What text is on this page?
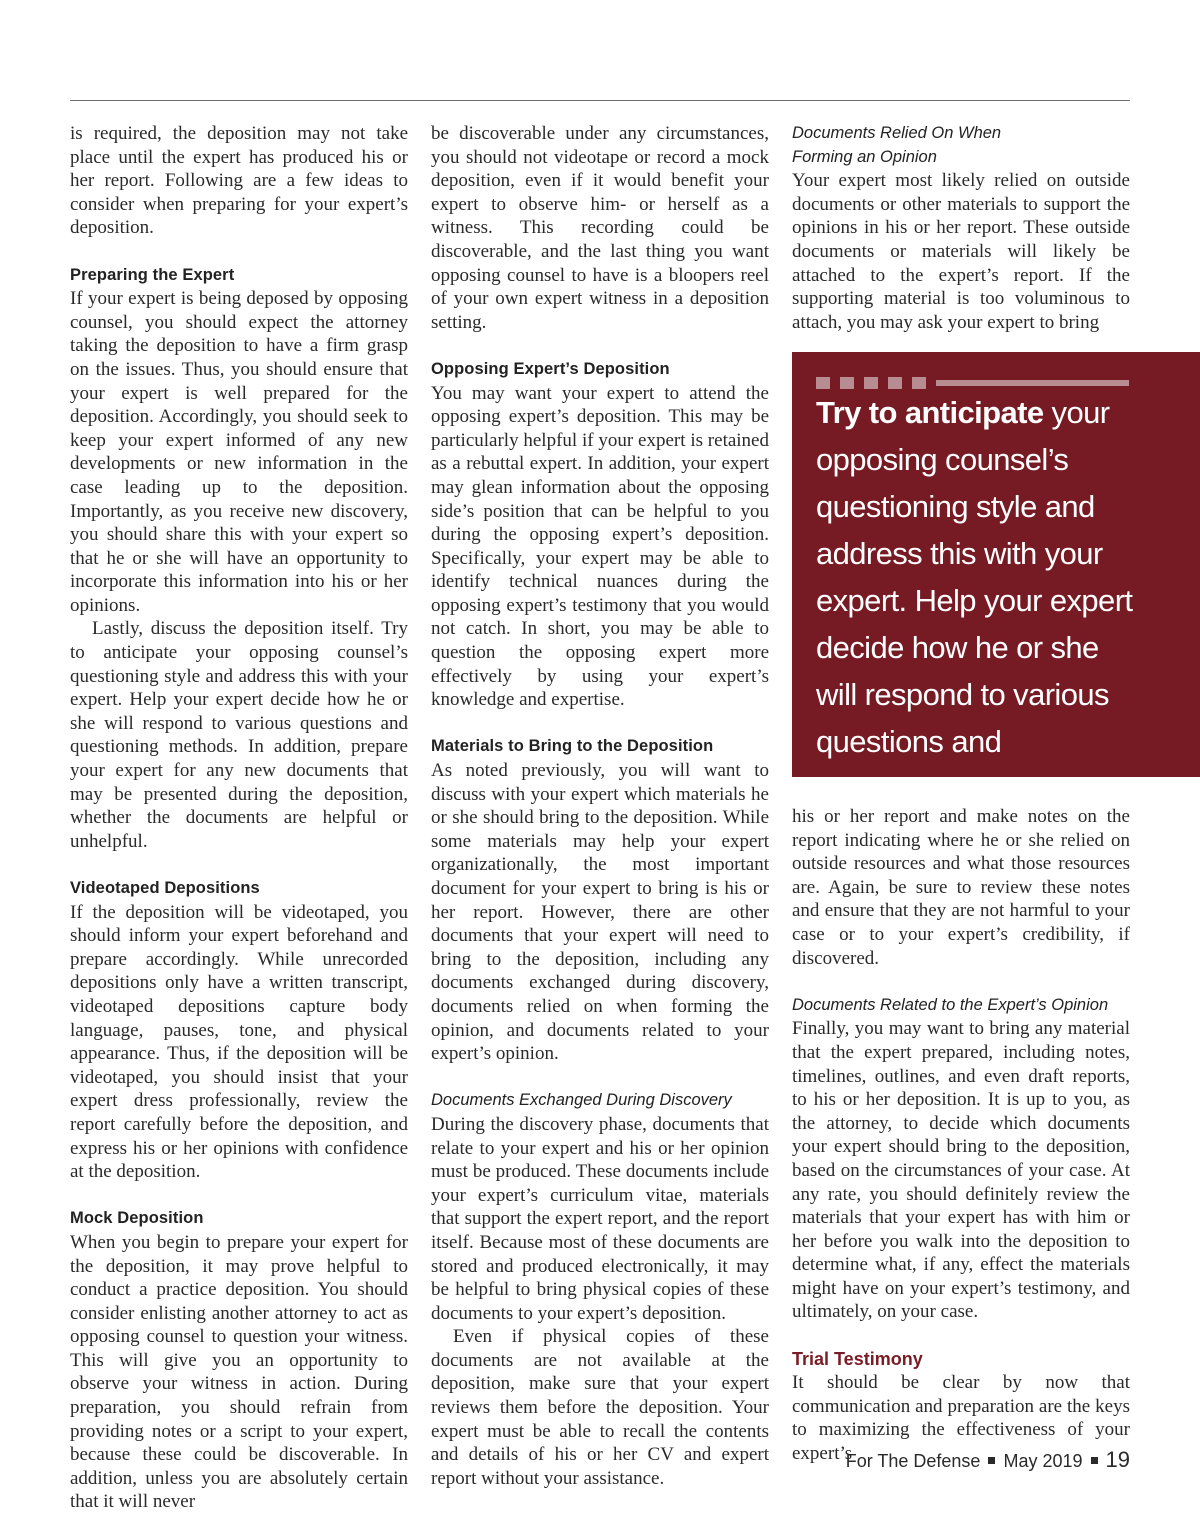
is required, the deposition may not take place until the expert has produced his or her report. Following are a few ideas to consider when preparing for your expert’s deposition.

Preparing the Expert

If your expert is being deposed by opposing counsel, you should expect the attorney taking the deposition to have a firm grasp on the issues. Thus, you should ensure that your expert is well prepared for the deposition. Accordingly, you should seek to keep your expert informed of any new developments or new information in the case leading up to the deposition. Importantly, as you receive new discovery, you should share this with your expert so that he or she will have an opportunity to incorporate this information into his or her opinions.

Lastly, discuss the deposition itself. Try to anticipate your opposing counsel’s questioning style and address this with your expert. Help your expert decide how he or she will respond to various questions and questioning methods. In addition, prepare your expert for any new documents that may be presented during the deposition, whether the documents are helpful or unhelpful.

Videotaped Depositions

If the deposition will be videotaped, you should inform your expert beforehand and prepare accordingly. While unrecorded depositions only have a written transcript, videotaped depositions capture body language, pauses, tone, and physical appearance. Thus, if the deposition will be videotaped, you should insist that your expert dress professionally, review the report carefully before the deposition, and express his or her opinions with confidence at the deposition.

Mock Deposition

When you begin to prepare your expert for the deposition, it may prove helpful to conduct a practice deposition. You should consider enlisting another attorney to act as opposing counsel to question your witness. This will give you an opportunity to observe your witness in action. During preparation, you should refrain from providing notes or a script to your expert, because these could be discoverable. In addition, unless you are absolutely certain that it will never

be discoverable under any circumstances, you should not videotape or record a mock deposition, even if it would benefit your expert to observe him- or herself as a witness. This recording could be discoverable, and the last thing you want opposing counsel to have is a bloopers reel of your own expert witness in a deposition setting.

Opposing Expert’s Deposition

You may want your expert to attend the opposing expert’s deposition. This may be particularly helpful if your expert is retained as a rebuttal expert. In addition, your expert may glean information about the opposing side’s position that can be helpful to you during the opposing expert’s deposition. Specifically, your expert may be able to identify technical nuances during the opposing expert’s testimony that you would not catch. In short, you may be able to question the opposing expert more effectively by using your expert’s knowledge and expertise.

Materials to Bring to the Deposition

As noted previously, you will want to discuss with your expert which materials he or she should bring to the deposition. While some materials may help your expert organizationally, the most important document for your expert to bring is his or her report. However, there are other documents that your expert will need to bring to the deposition, including any documents exchanged during discovery, documents relied on when forming the opinion, and documents related to your expert’s opinion.

Documents Exchanged During Discovery

During the discovery phase, documents that relate to your expert and his or her opinion must be produced. These documents include your expert’s curriculum vitae, materials that support the expert report, and the report itself. Because most of these documents are stored and produced electronically, it may be helpful to bring physical copies of these documents to your expert’s deposition.

Even if physical copies of these documents are not available at the deposition, make sure that your expert reviews them before the deposition. Your expert must be able to recall the contents and details of his or her CV and expert report without your assistance.

Documents Relied On When
Forming an Opinion

Your expert most likely relied on outside documents or other materials to support the opinions in his or her report. These outside documents or materials will likely be attached to the expert’s report. If the supporting material is too voluminous to attach, you may ask your expert to bring

Try to anticipate your opposing counsel’s questioning style and address this with your expert. Help your expert decide how he or she will respond to various questions and questioning methods.

his or her report and make notes on the report indicating where he or she relied on outside resources and what those resources are. Again, be sure to review these notes and ensure that they are not harmful to your case or to your expert’s credibility, if discovered.

Documents Related to the Expert’s Opinion

Finally, you may want to bring any material that the expert prepared, including notes, timelines, outlines, and even draft reports, to his or her deposition. It is up to you, as the attorney, to decide which documents your expert should bring to the deposition, based on the circumstances of your case. At any rate, you should definitely review the materials that your expert has with him or her before you walk into the deposition to determine what, if any, effect the materials might have on your expert’s testimony, and ultimately, on your case.

Trial Testimony

It should be clear by now that communication and preparation are the keys to maximizing the effectiveness of your expert’s

For The Defense May 2019 19
